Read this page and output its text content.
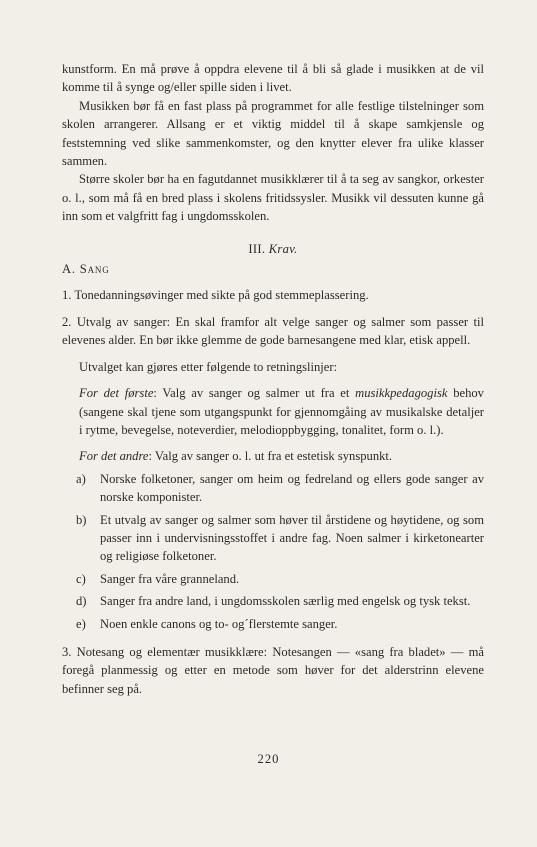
kunstform. En må prøve å oppdra elevene til å bli så glade i musikken at de vil komme til å synge og/eller spille siden i livet.

Musikken bør få en fast plass på programmet for alle festlige tilstelninger som skolen arrangerer. Allsang er et viktig middel til å skape samkjensle og feststemning ved slike sammenkomster, og den knytter elever fra ulike klasser sammen.

Større skoler bør ha en fagutdannet musikklærer til å ta seg av sangkor, orkester o. l., som må få en bred plass i skolens fritidssysler. Musikk vil dessuten kunne gå inn som et valgfritt fag i ungdomsskolen.

III. Krav.

A. Sang

1. Tonedanningsøvinger med sikte på god stemmeplassering.

2. Utvalg av sanger: En skal framfor alt velge sanger og salmer som passer til elevenes alder. En bør ikke glemme de gode barnesangene med klar, etisk appell.

Utvalget kan gjøres etter følgende to retningslinjer:

For det første: Valg av sanger og salmer ut fra et musikkpedagogisk behov (sangene skal tjene som utgangspunkt for gjennomgåing av musikalske detaljer i rytme, bevegelse, noteverdier, melodioppbygging, tonalitet, form o. l.).

For det andre: Valg av sanger o. l. ut fra et estetisk synspunkt.

a) Norske folketoner, sanger om heim og fedreland og ellers gode sanger av norske komponister.
b) Et utvalg av sanger og salmer som høver til årstidene og høytidene, og som passer inn i undervisningsstoffet i andre fag. Noen salmer i kirketonearter og religiøse folketoner.
c) Sanger fra våre granneland.
d) Sanger fra andre land, i ungdomsskolen særlig med engelsk og tysk tekst.
e) Noen enkle canons og to- og´flerstemte sanger.

3. Notesang og elementær musikklære: Notesangen — «sang fra bladet» — må foregå planmessig og etter en metode som høver for det alderstrinn elevene befinner seg på.

220
